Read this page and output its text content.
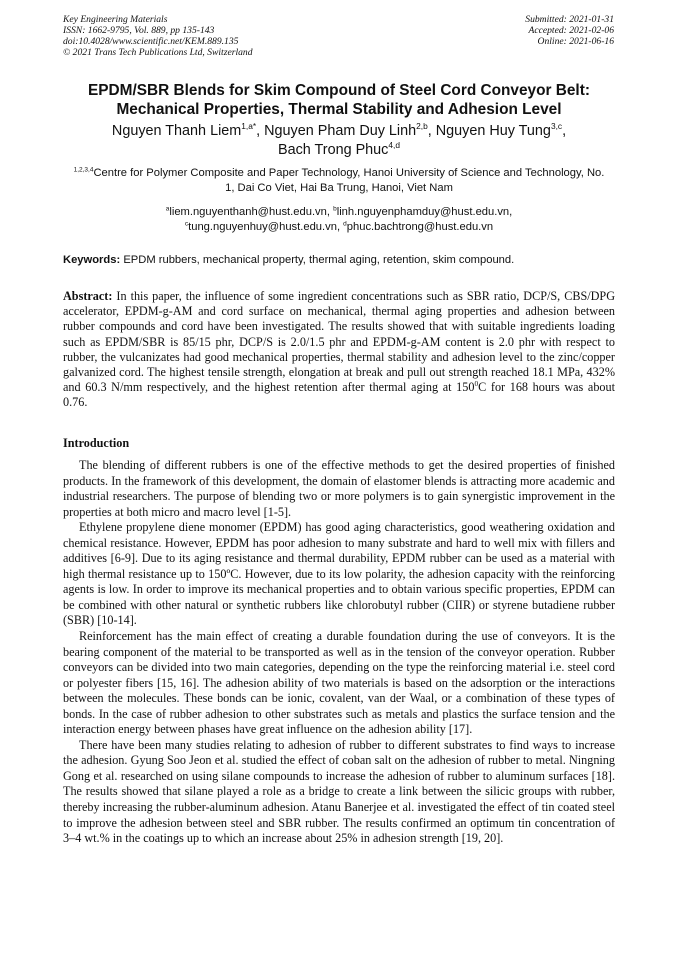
Key Engineering Materials
ISSN: 1662-9795, Vol. 889, pp 135-143
doi:10.4028/www.scientific.net/KEM.889.135
© 2021 Trans Tech Publications Ltd, Switzerland
Submitted: 2021-01-31
Accepted: 2021-02-06
Online: 2021-06-16
EPDM/SBR Blends for Skim Compound of Steel Cord Conveyor Belt:
Mechanical Properties, Thermal Stability and Adhesion Level
Nguyen Thanh Liem$^{1,a*}$, Nguyen Pham Duy Linh$^{2,b}$, Nguyen Huy Tung$^{3,c}$,
Bach Trong Phuc$^{4,d}$
$^{1,2,3,4}$Centre for Polymer Composite and Paper Technology, Hanoi University of Science and Technology, No. 1, Dai Co Viet, Hai Ba Trung, Hanoi, Viet Nam
$^a$liem.nguyenthanh@hust.edu.vn, $^b$linh.nguyenphamduy@hust.edu.vn,
$^c$tung.nguyenhuy@hust.edu.vn, $^d$phuc.bachtrong@hust.edu.vn
Keywords: EPDM rubbers, mechanical property, thermal aging, retention, skim compound.
Abstract: In this paper, the influence of some ingredient concentrations such as SBR ratio, DCP/S, CBS/DPG accelerator, EPDM-g-AM and cord surface on mechanical, thermal aging properties and adhesion between rubber compounds and cord have been investigated. The results showed that with suitable ingredients loading such as EPDM/SBR is 85/15 phr, DCP/S is 2.0/1.5 phr and EPDM-g-AM content is 2.0 phr with respect to rubber, the vulcanizates had good mechanical properties, thermal stability and adhesion level to the zinc/copper galvanized cord. The highest tensile strength, elongation at break and pull out strength reached 18.1 MPa, 432% and 60.3 N/mm respectively, and the highest retention after thermal aging at $150^0C$ for 168 hours was about 0.76.
Introduction

The blending of different rubbers is one of the effective methods to get the desired properties of finished products. In the framework of this development, the domain of elastomer blends is attracting more academic and industrial researchers. The purpose of blending two or more polymers is to gain synergistic improvement in the properties at both micro and macro level [1-5].

Ethylene propylene diene monomer (EPDM) has good aging characteristics, good weathering oxidation and chemical resistance. However, EPDM has poor adhesion to many substrate and hard to well mix with fillers and additives [6-9]. Due to its aging resistance and thermal durability, EPDM rubber can be used as a material with high thermal resistance up to 150ºC. However, due to its low polarity, the adhesion capacity with the reinforcing agents is low. In order to improve its mechanical properties and to obtain various specific properties, EPDM can be combined with other natural or synthetic rubbers like chlorobutyl rubber (CIIR) or styrene butadiene rubber (SBR) [10-14].

Reinforcement has the main effect of creating a durable foundation during the use of conveyors. It is the bearing component of the material to be transported as well as in the tension of the conveyor operation. Rubber conveyors can be divided into two main categories, depending on the type the reinforcing material i.e. steel cord or polyester fibers [15, 16]. The adhesion ability of two materials is based on the adsorption or the interactions between the molecules. These bonds can be ionic, covalent, van der Waal, or a combination of these types of bonds. In the case of rubber adhesion to other substrates such as metals and plastics the surface tension and the interaction energy between phases have great influence on the adhesion ability [17].

There have been many studies relating to adhesion of rubber to different substrates to find ways to increase the adhesion. Gyung Soo Jeon et al. studied the effect of coban salt on the adhesion of rubber to metal. Ningning Gong et al. researched on using silane compounds to increase the adhesion of rubber to aluminum surfaces [18]. The results showed that silane played a role as a bridge to create a link between the silicic groups with rubber, thereby increasing the rubber-aluminum adhesion. Atanu Banerjee et al. investigated the effect of tin coated steel to improve the adhesion between steel and SBR rubber. The results confirmed an optimum tin concentration of 3–4 wt.% in the coatings up to which an increase about 25% in adhesion strength [19, 20].
